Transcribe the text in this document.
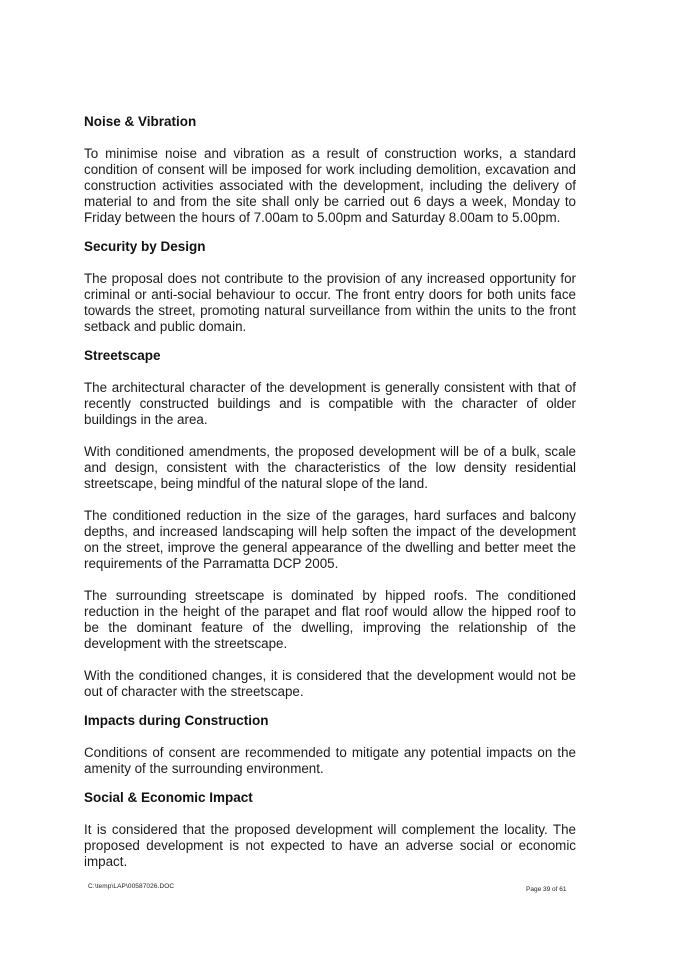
Noise & Vibration

To minimise noise and vibration as a result of construction works, a standard condition of consent will be imposed for work including demolition, excavation and construction activities associated with the development, including the delivery of material to and from the site shall only be carried out 6 days a week, Monday to Friday between the hours of 7.00am to 5.00pm and Saturday 8.00am to 5.00pm.

Security by Design

The proposal does not contribute to the provision of any increased opportunity for criminal or anti-social behaviour to occur. The front entry doors for both units face towards the street, promoting natural surveillance from within the units to the front setback and public domain.

Streetscape

The architectural character of the development is generally consistent with that of recently constructed buildings and is compatible with the character of older buildings in the area.

With conditioned amendments, the proposed development will be of a bulk, scale and design, consistent with the characteristics of the low density residential streetscape, being mindful of the natural slope of the land.

The conditioned reduction in the size of the garages, hard surfaces and balcony depths, and increased landscaping will help soften the impact of the development on the street, improve the general appearance of the dwelling and better meet the requirements of the Parramatta DCP 2005.

The surrounding streetscape is dominated by hipped roofs. The conditioned reduction in the height of the parapet and flat roof would allow the hipped roof to be the dominant feature of the dwelling, improving the relationship of the development with the streetscape.

With the conditioned changes, it is considered that the development would not be out of character with the streetscape.

Impacts during Construction

Conditions of consent are recommended to mitigate any potential impacts on the amenity of the surrounding environment.

Social & Economic Impact

It is considered that the proposed development will complement the locality. The proposed development is not expected to have an adverse social or economic impact.

C:\temp\LAP\00587026.DOC	Page 39 of 61
